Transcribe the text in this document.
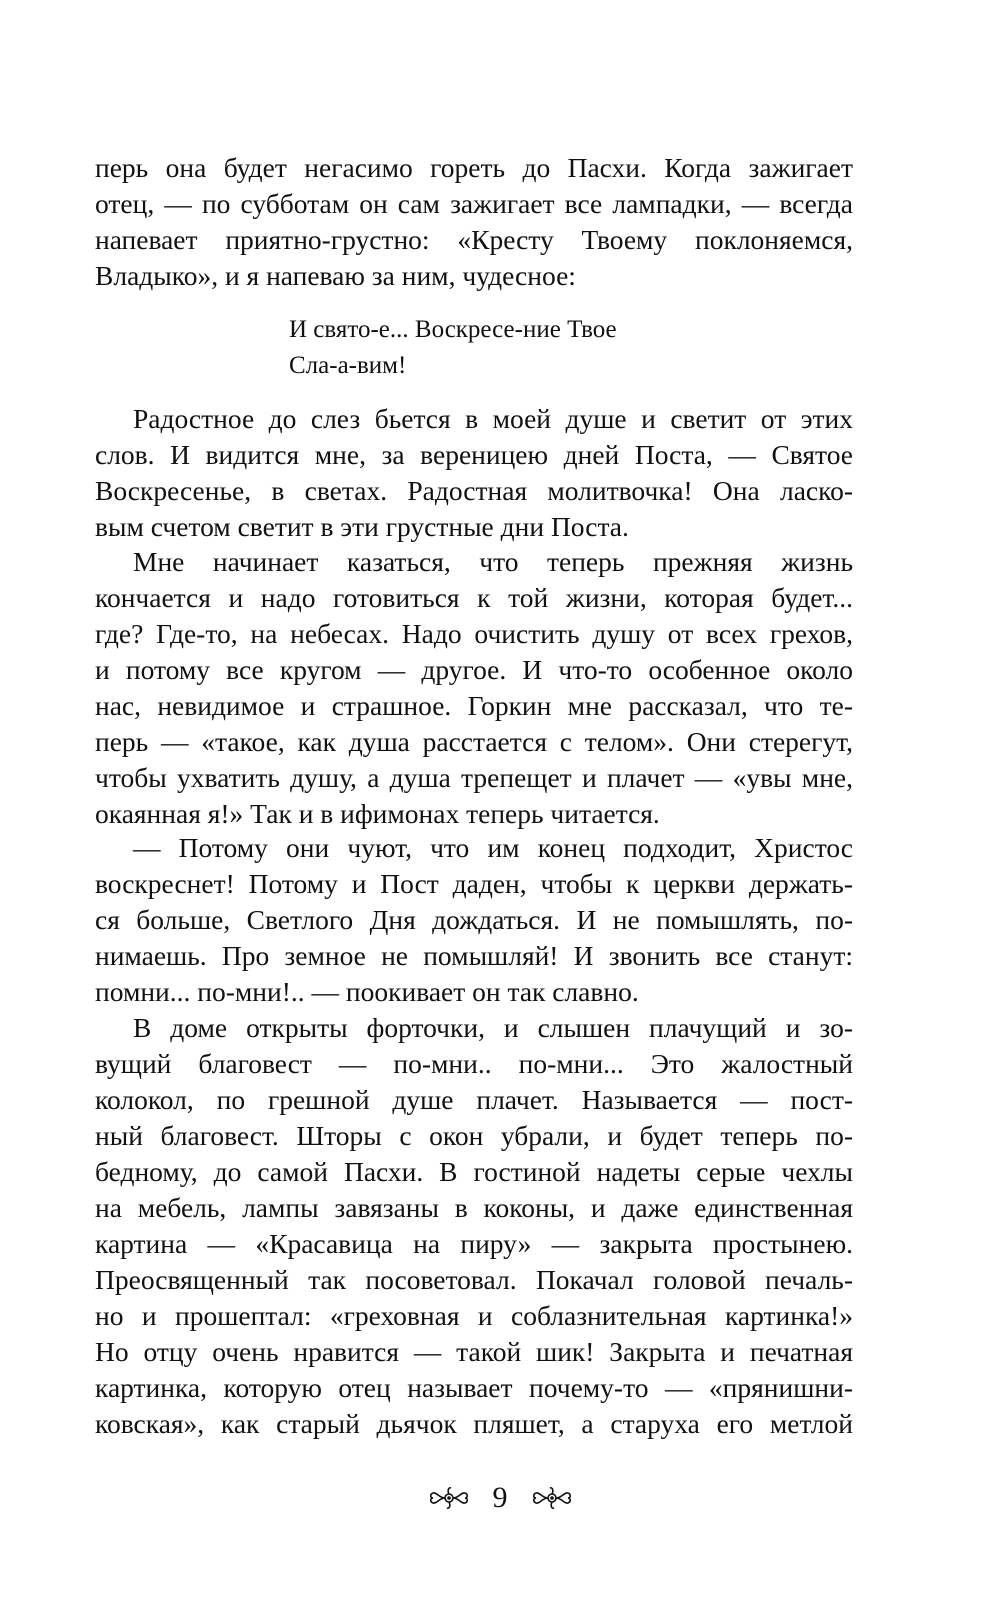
перь она будет негасимо гореть до Пасхи. Когда зажигает
отец, — по субботам он сам зажигает все лампадки, — всегда
напевает приятно-грустно: «Кресту Твоему поклоняемся,
Владыко», и я напеваю за ним, чудесное:
И свято-е... Воскресе-ние Твое
Сла-а-вим!
Радостное до слез бьется в моей душе и светит от этих
слов. И видится мне, за вереницею дней Поста, — Святое
Воскресенье, в светах. Радостная молитвочка! Она ласко-
вым счетом светит в эти грустные дни Поста.
Мне начинает казаться, что теперь прежняя жизнь
кончается и надо готовиться к той жизни, которая будет...
где? Где-то, на небесах. Надо очистить душу от всех грехов,
и потому все кругом — другое. И что-то особенное около
нас, невидимое и страшное. Горкин мне рассказал, что те-
перь — «такое, как душа расстается с телом». Они стерегут,
чтобы ухватить душу, а душа трепещет и плачет — «увы мне,
окаянная я!» Так и в ифимонах теперь читается.
— Потому они чуют, что им конец подходит, Христос
воскреснет! Потому и Пост даден, чтобы к церкви держать-
ся больше, Светлого Дня дождаться. И не помышлять, по-
нимаешь. Про земное не помышляй! И звонить все станут:
помни... по-мни!.. — поокивает он так славно.
В доме открыты форточки, и слышен плачущий и зо-
вущий благовест — по-мни.. по-мни... Это жалостный
колокол, по грешной душе плачет. Называется — пост-
ный благовест. Шторы с окон убрали, и будет теперь по-
бедному, до самой Пасхи. В гостиной надеты серые чехлы
на мебель, лампы завязаны в коконы, и даже единственная
картина — «Красавица на пиру» — закрыта простынею.
Преосвященный так посоветовал. Покачал головой печаль-
но и прошептал: «греховная и соблазнительная картинка!»
Но отцу очень нравится — такой шик! Закрыта и печатная
картинка, которую отец называет почему-то — «прянишни-
ковская», как старый дьячок пляшет, а старуха его метлой
9
